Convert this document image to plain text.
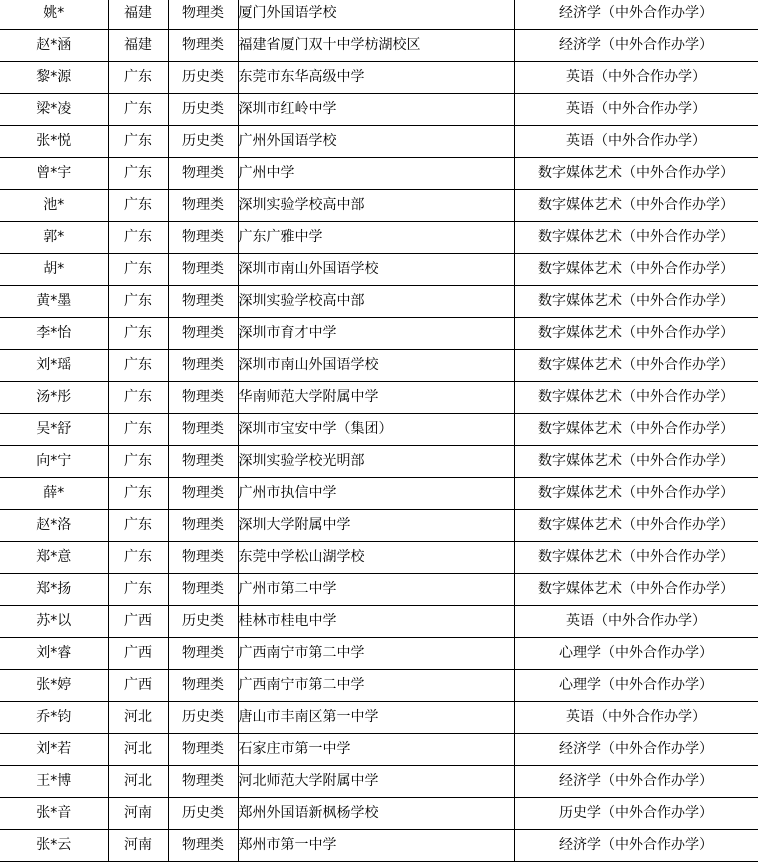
姚*	福建	物理类	厦门外国语学校	经济学（中外合作办学）
赵*涵	福建	物理类	福建省厦门双十中学枋湖校区	经济学（中外合作办学）
黎*源	广东	历史类	东莞市东华高级中学	英语（中外合作办学）
梁*凌	广东	历史类	深圳市红岭中学	英语（中外合作办学）
张*悦	广东	历史类	广州外国语学校	英语（中外合作办学）
曾*宇	广东	物理类	广州中学	数字媒体艺术（中外合作办学）
池*	广东	物理类	深圳实验学校高中部	数字媒体艺术（中外合作办学）
郭*	广东	物理类	广东广雅中学	数字媒体艺术（中外合作办学）
胡*	广东	物理类	深圳市南山外国语学校	数字媒体艺术（中外合作办学）
黄*墨	广东	物理类	深圳实验学校高中部	数字媒体艺术（中外合作办学）
李*怡	广东	物理类	深圳市育才中学	数字媒体艺术（中外合作办学）
刘*瑶	广东	物理类	深圳市南山外国语学校	数字媒体艺术（中外合作办学）
汤*彤	广东	物理类	华南师范大学附属中学	数字媒体艺术（中外合作办学）
吴*舒	广东	物理类	深圳市宝安中学（集团）	数字媒体艺术（中外合作办学）
向*宁	广东	物理类	深圳实验学校光明部	数字媒体艺术（中外合作办学）
薛*	广东	物理类	广州市执信中学	数字媒体艺术（中外合作办学）
赵*洛	广东	物理类	深圳大学附属中学	数字媒体艺术（中外合作办学）
郑*意	广东	物理类	东莞中学松山湖学校	数字媒体艺术（中外合作办学）
郑*扬	广东	物理类	广州市第二中学	数字媒体艺术（中外合作办学）
苏*以	广西	历史类	桂林市桂电中学	英语（中外合作办学）
刘*睿	广西	物理类	广西南宁市第二中学	心理学（中外合作办学）
张*婷	广西	物理类	广西南宁市第二中学	心理学（中外合作办学）
乔*钧	河北	历史类	唐山市丰南区第一中学	英语（中外合作办学）
刘*若	河北	物理类	石家庄市第一中学	经济学（中外合作办学）
王*博	河北	物理类	河北师范大学附属中学	经济学（中外合作办学）
张*音	河南	历史类	郑州外国语新枫杨学校	历史学（中外合作办学）
张*云	河南	物理类	郑州市第一中学	经济学（中外合作办学）
